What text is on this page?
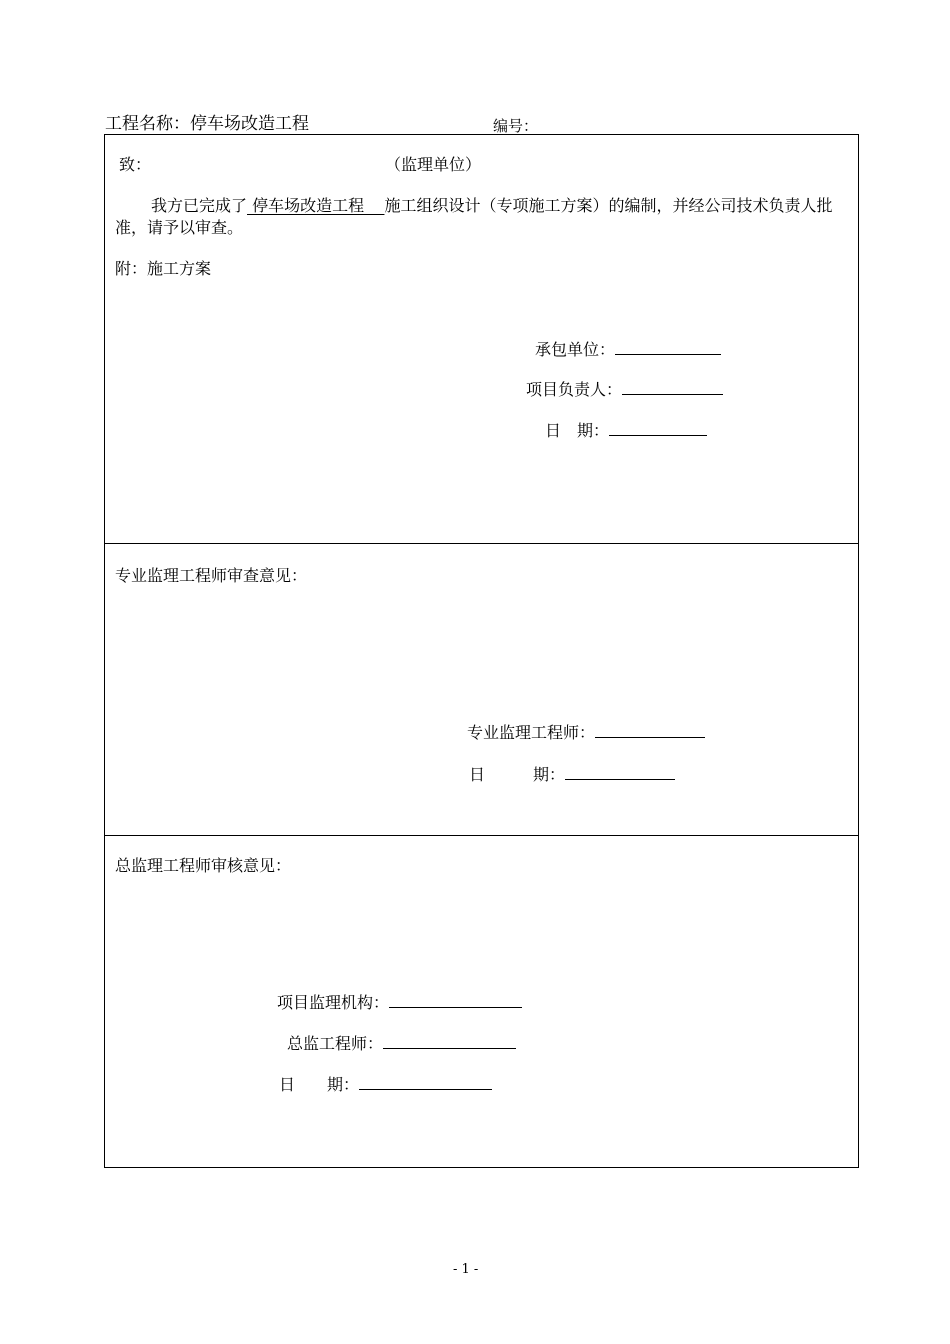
工程名称：停车场改造工程	编号：
致：	（监理单位）
我方已完成了 停车场改造工程    施工组织设计（专项施工方案）的编制，并经公司技术负责人批准，请予以审查。
附：施工方案
承包单位：
项目负责人：
日　期：
专业监理工程师审查意见：
专业监理工程师：
日　　　期：
总监理工程师审核意见：
项目监理机构：
总监工程师：
日　　期：
- 1 -
